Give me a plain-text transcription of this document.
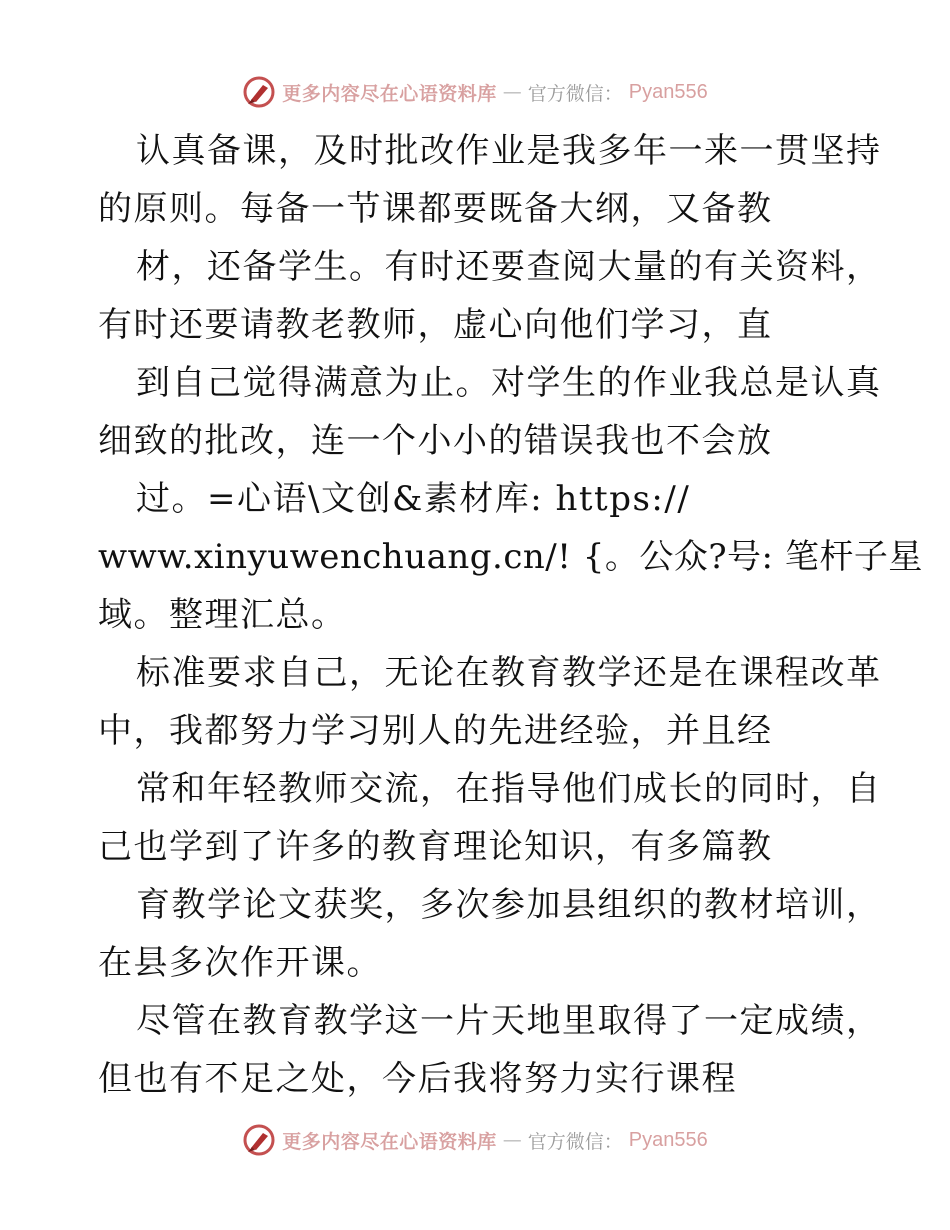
更多内容尽在心语资料库 — 官方微信： Pyan556
认真备课，及时批改作业是我多年一来一贯坚持
的原则。每备一节课都要既备大纲，又备教
材，还备学生。有时还要查阅大量的有关资料，
有时还要请教老教师，虚心向他们学习，直
到自己觉得满意为止。对学生的作业我总是认真
细致的批改，连一个小小的错误我也不会放
过。=心语\文创&素材库: https://
www.xinyuwenchuang.cn/! {。公众?号: 笔杆子星
域。整理汇总。
标准要求自己，无论在教育教学还是在课程改革
中，我都努力学习别人的先进经验，并且经
常和年轻教师交流，在指导他们成长的同时，自
己也学到了许多的教育理论知识，有多篇教
育教学论文获奖，多次参加县组织的教材培训，
在县多次作开课。
尽管在教育教学这一片天地里取得了一定成绩，
但也有不足之处，今后我将努力实行课程
更多内容尽在心语资料库 — 官方微信： Pyan556
